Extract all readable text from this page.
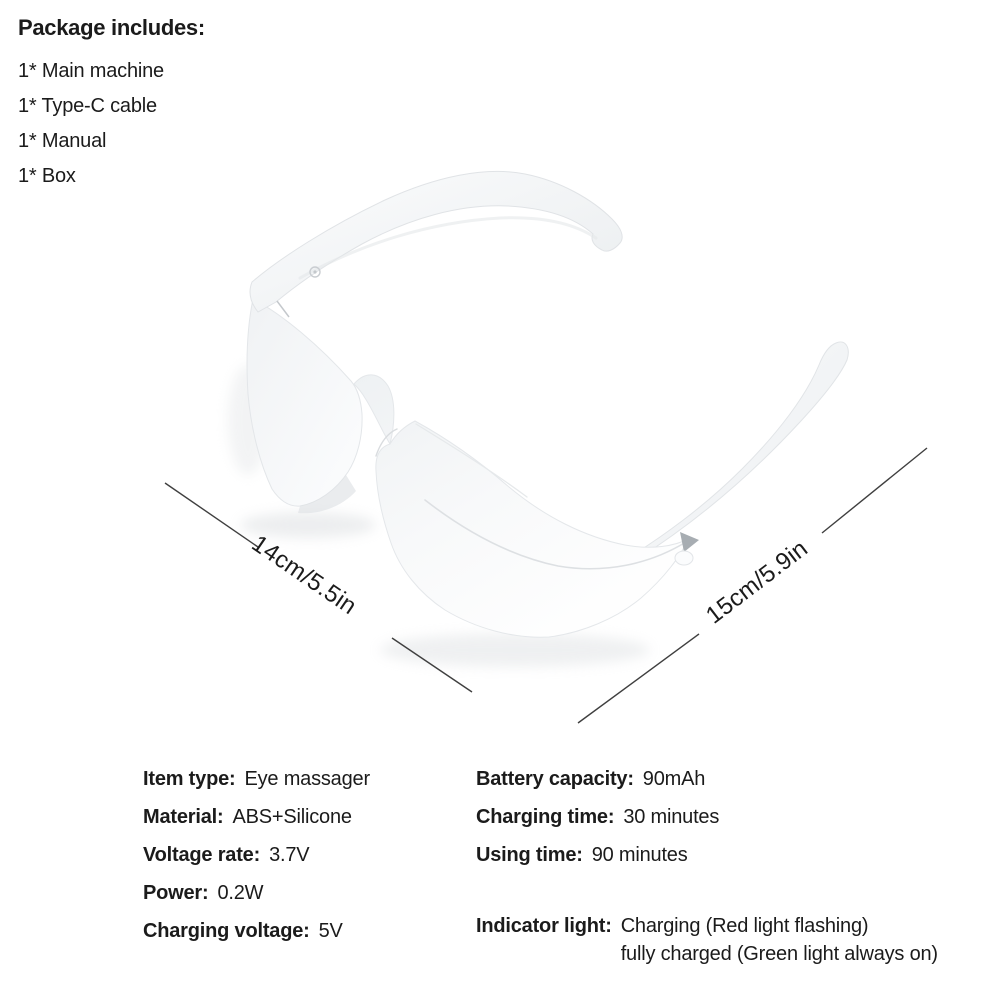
Package includes:
1* Main machine
1* Type-C cable
1* Manual
1* Box
14cm/5.5in	15cm/5.9in
Item type: Eye massager
Material: ABS+Silicone
Voltage rate: 3.7V
Power: 0.2W
Charging voltage: 5V
Battery capacity: 90mAh
Charging time: 30 minutes
Using time: 90 minutes
Indicator light: Charging (Red light flashing)
fully charged (Green light always on)
